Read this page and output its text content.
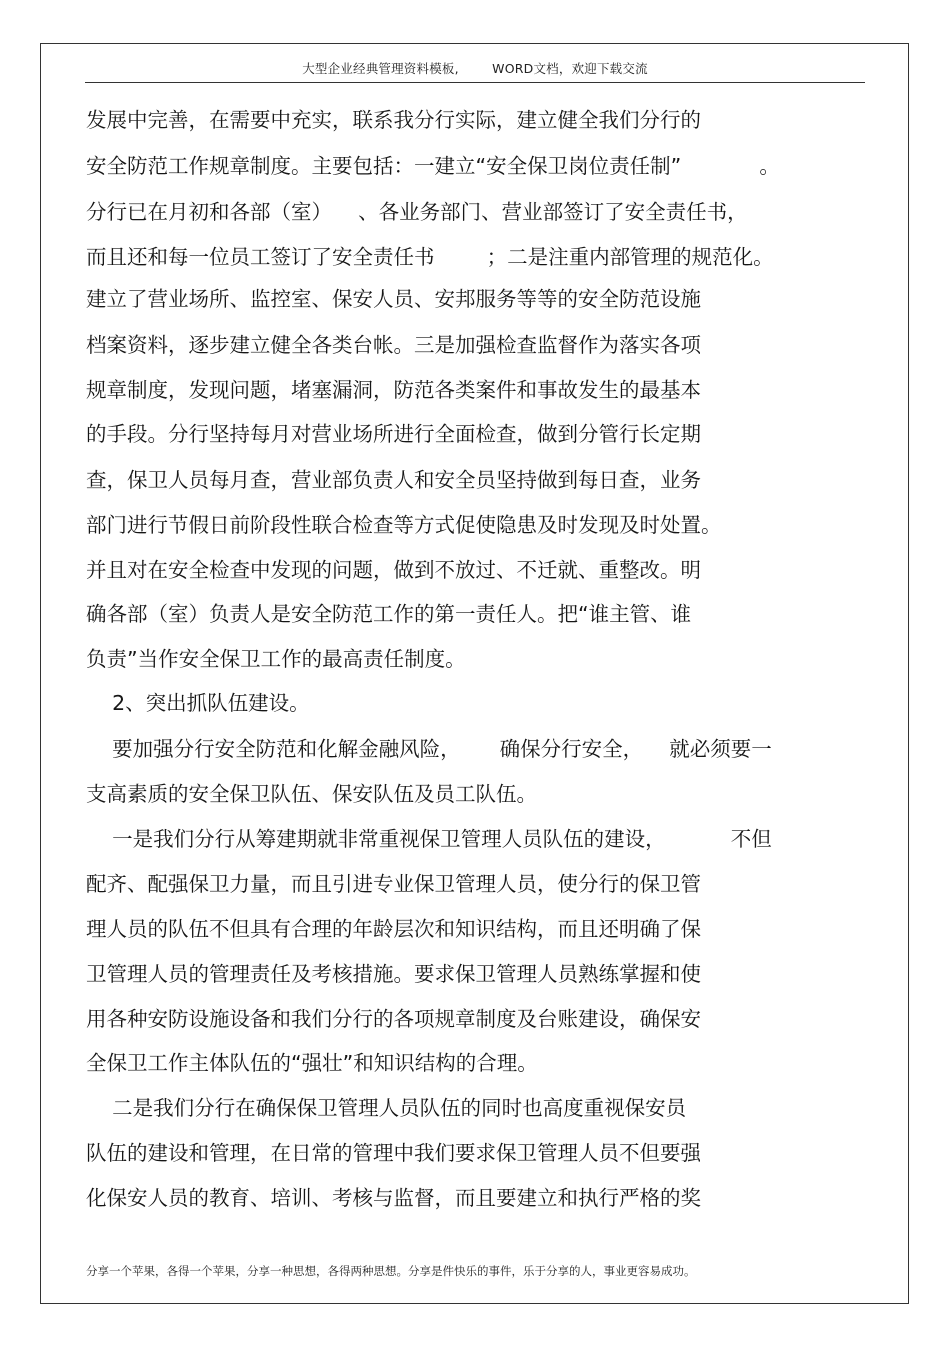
大型企业经典管理资料模板,        WORD文档，欢迎下载交流
发展中完善，在需要中充实，联系我分行实际，建立健全我们分行的
安全防范工作规章制度。主要包括：一建立“安全保卫岗位责任制”            。
分行已在月初和各部（室）    、各业务部门、营业部签订了安全责任书，
而且还和每一位员工签订了安全责任书        ；二是注重内部管理的规范化。
建立了营业场所、监控室、保安人员、安邦服务等等的安全防范设施
档案资料，逐步建立健全各类台帐。三是加强检查监督作为落实各项
规章制度，发现问题，堵塞漏洞，防范各类案件和事故发生的最基本
的手段。分行坚持每月对营业场所进行全面检查，做到分管行长定期
查，保卫人员每月查，营业部负责人和安全员坚持做到每日查，业务
部门进行节假日前阶段性联合检查等方式促使隐患及时发现及时处置。
并且对在安全检查中发现的问题，做到不放过、不迁就、重整改。明
确各部（室）负责人是安全防范工作的第一责任人。把“谁主管、谁
负责”当作安全保卫工作的最高责任制度。
2、突出抓队伍建设。
要加强分行安全防范和化解金融风险，      确保分行安全，    就必须要一
支高素质的安全保卫队伍、保安队伍及员工队伍。
一是我们分行从筹建期就非常重视保卫管理人员队伍的建设，          不但
配齐、配强保卫力量，而且引进专业保卫管理人员，使分行的保卫管
理人员的队伍不但具有合理的年龄层次和知识结构，而且还明确了保
卫管理人员的管理责任及考核措施。要求保卫管理人员熟练掌握和使
用各种安防设施设备和我们分行的各项规章制度及台账建设，确保安
全保卫工作主体队伍的“强壮”和知识结构的合理。
二是我们分行在确保保卫管理人员队伍的同时也高度重视保安员
队伍的建设和管理，在日常的管理中我们要求保卫管理人员不但要强
化保安人员的教育、培训、考核与监督，而且要建立和执行严格的奖
分享一个苹果，各得一个苹果，分享一种思想，各得两种思想。分享是件快乐的事件，乐于分享的人，事业更容易成功。
